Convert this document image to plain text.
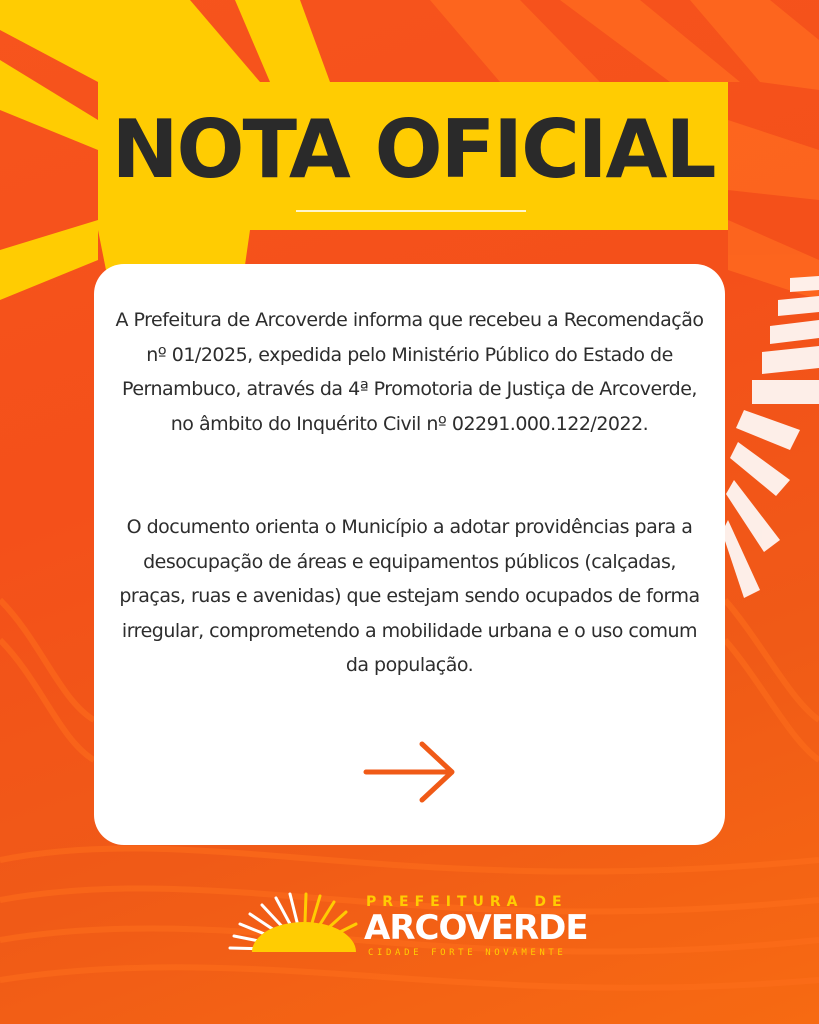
NOTA OFICIAL
A Prefeitura de Arcoverde informa que recebeu a Recomendação nº 01/2025, expedida pelo Ministério Público do Estado de Pernambuco, através da 4ª Promotoria de Justiça de Arcoverde, no âmbito do Inquérito Civil nº 02291.000.122/2022.
O documento orienta o Município a adotar providências para a desocupação de áreas e equipamentos públicos (calçadas, praças, ruas e avenidas) que estejam sendo ocupados de forma irregular, comprometendo a mobilidade urbana e o uso comum da população.
PREFEITURA DE
ARCOVERDE
CIDADE FORTE NOVAMENTE
